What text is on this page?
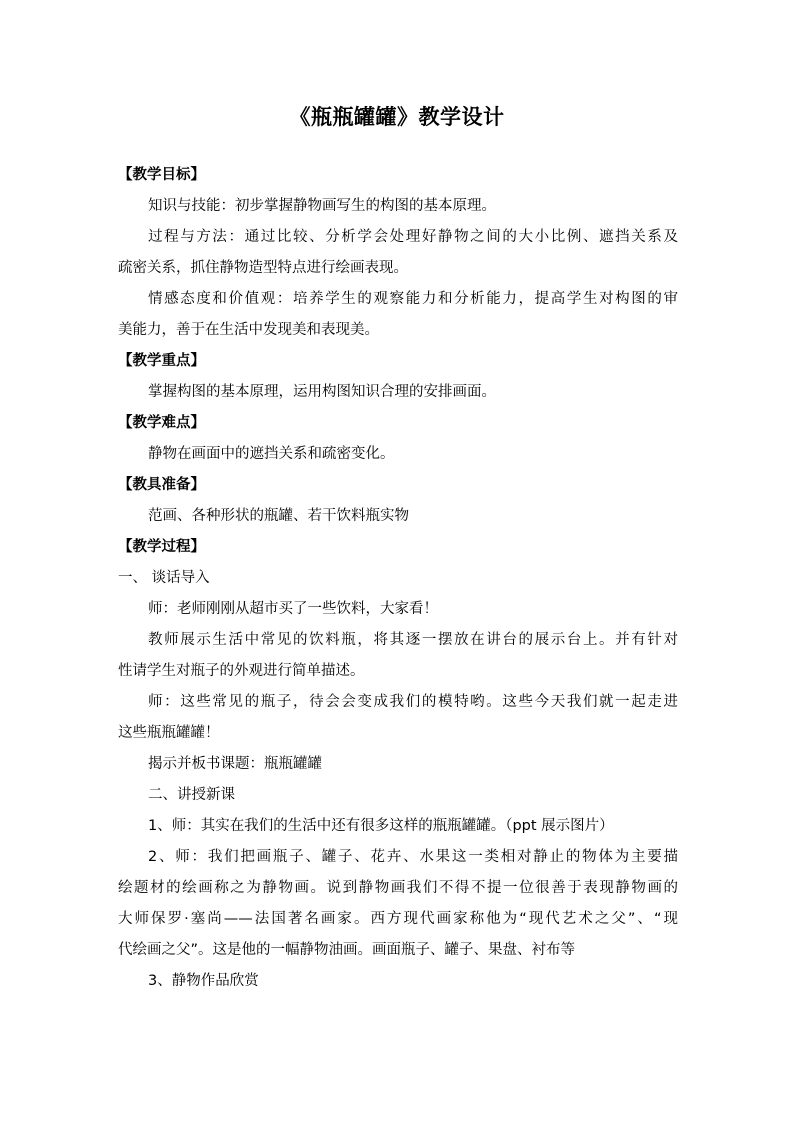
《瓶瓶罐罐》教学设计
【教学目标】
知识与技能：初步掌握静物画写生的构图的基本原理。
过程与方法：通过比较、分析学会处理好静物之间的大小比例、遮挡关系及
疏密关系，抓住静物造型特点进行绘画表现。
情感态度和价值观：培养学生的观察能力和分析能力，提高学生对构图的审
美能力，善于在生活中发现美和表现美。
【教学重点】
掌握构图的基本原理，运用构图知识合理的安排画面。
【教学难点】
静物在画面中的遮挡关系和疏密变化。
【教具准备】
范画、各种形状的瓶罐、若干饮料瓶实物
【教学过程】
一、 谈话导入
师：老师刚刚从超市买了一些饮料，大家看！
教师展示生活中常见的饮料瓶，将其逐一摆放在讲台的展示台上。并有针对
性请学生对瓶子的外观进行简单描述。
师：这些常见的瓶子，待会会变成我们的模特哟。这些今天我们就一起走进
这些瓶瓶罐罐！
揭示并板书课题：瓶瓶罐罐
二、讲授新课
1、师：其实在我们的生活中还有很多这样的瓶瓶罐罐。（ppt 展示图片）
2、师：我们把画瓶子、罐子、花卉、水果这一类相对静止的物体为主要描
绘题材的绘画称之为静物画。说到静物画我们不得不提一位很善于表现静物画的
大师保罗·塞尚——法国著名画家。西方现代画家称他为“现代艺术之父”、“现
代绘画之父”。这是他的一幅静物油画。画面瓶子、罐子、果盘、衬布等
3、静物作品欣赏
